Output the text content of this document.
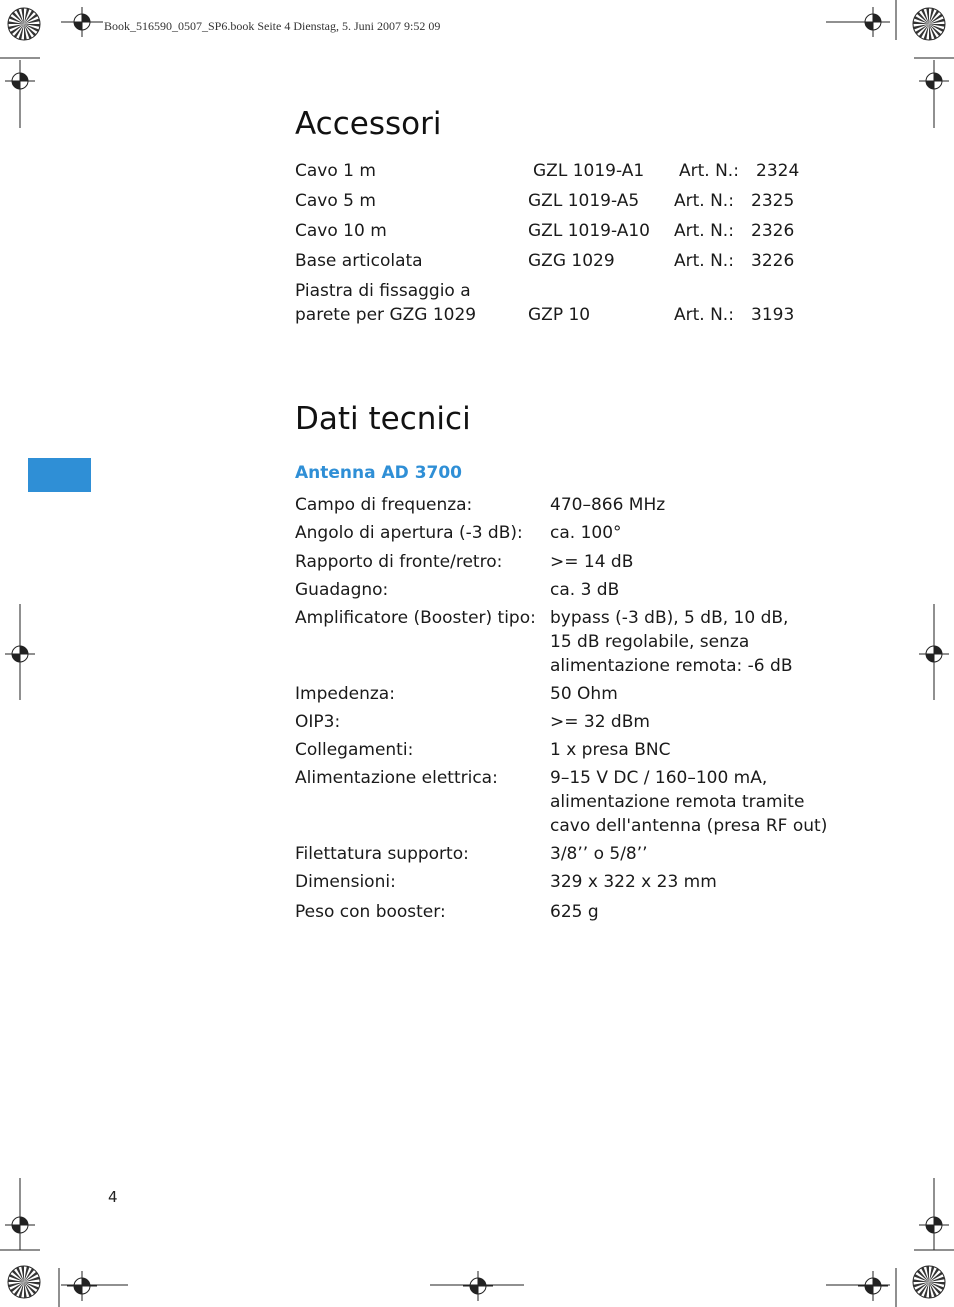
Book_516590_0507_SP6.book Seite 4 Dienstag, 5. Juni 2007 9:52 09
Accessori
Cavo 1 m	GZL 1019-A1 Art. N.: 2324
Cavo 5 m	GZL 1019-A5 Art. N.: 2325
Cavo 10 m	GZL 1019-A10 Art. N.: 2326
Base articolata	GZG 1029	Art. N.: 3226
Piastra di fissaggio a
parete per GZG 1029	GZP 10	Art. N.: 3193
Dati tecnici
Antenna AD 3700
Campo di frequenza:	470–866 MHz
Angolo di apertura (-3 dB): ca. 100°
Rapporto di fronte/retro:	>= 14 dB
Guadagno:	ca. 3 dB
Amplificatore (Booster) tipo: bypass (-3 dB), 5 dB, 10 dB,
15 dB regolabile, senza
alimentazione remota: -6 dB
Impedenza:	50 Ohm
OIP3:	>= 32 dBm
Collegamenti:	1 x presa BNC
Alimentazione elettrica:	9–15 V DC / 160–100 mA,
alimentazione remota tramite
cavo dell'antenna (presa RF out)
Filettatura supporto:	3/8’’ o 5/8’’
Dimensioni:	329 x 322 x 23 mm
Peso con booster:	625 g
4
